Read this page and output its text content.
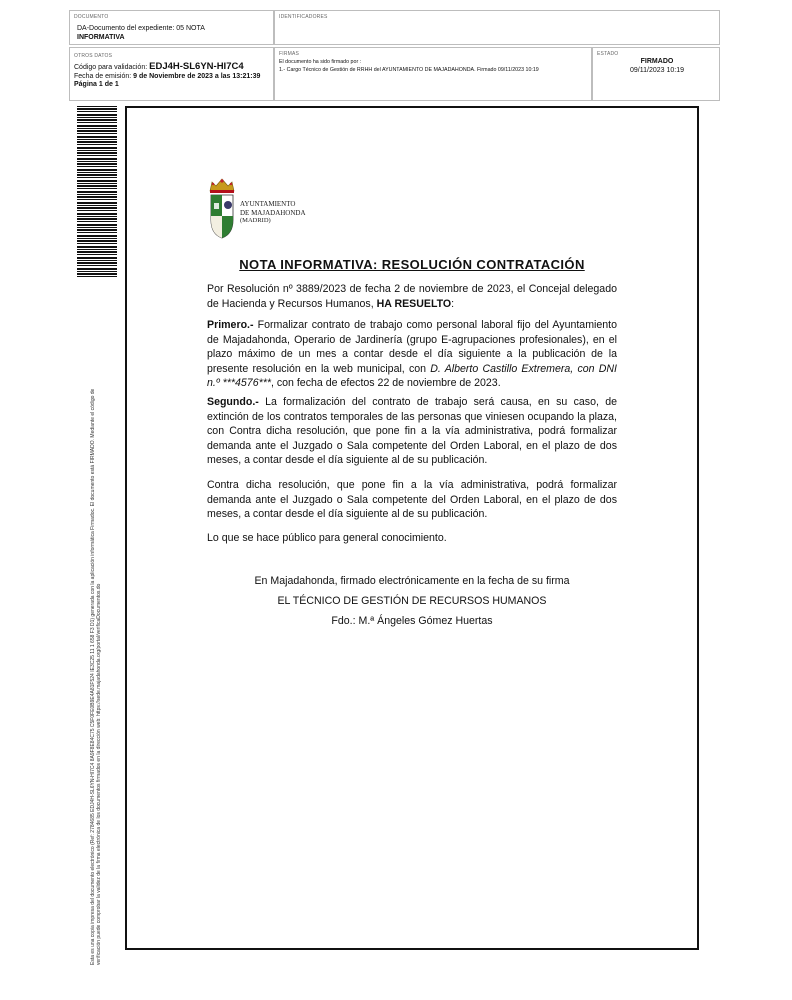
DOCUMENTO
DA-Documento del expediente: 05 NOTA
INFORMATIVA
IDENTIFICADORES
OTROS DATOS
Código para validación: EDJ4H-SL6YN-HI7C4
Fecha de emisión: 9 de Noviembre de 2023 a las 13:21:39
Página 1 de 1
FIRMAS
El documento ha sido firmado por :
1.- Cargo Técnico de Gestión de RRHH del AYUNTAMIENTO DE MAJADAHONDA. Firmado 09/11/2023 10:19
ESTADO
FIRMADO
09/11/2023 10:19
Esta es una copia impresa del documento electrónico (Ref: 2784685 EDJ4H-SL6YN-HI7C4 8A9F8E84C75 C5F0FE0B9E4A81F524 IE3C25 11 1 658 F3 D1) generada con la aplicación informática Firmadoc. El documento está FIRMADO. Mediante el código de verificación puede comprobar la validez de la firma electrónica de los documentos firmados en la dirección web: https://sede.majadahonda.org/portal/verificaDocumentos.do
AYUNTAMIENTO
DE MAJADAHONDA
(MADRID)
NOTA INFORMATIVA: RESOLUCIÓN CONTRATACIÓN
Por Resolución nº 3889/2023 de fecha 2 de noviembre de 2023, el Concejal delegado de Hacienda y Recursos Humanos, HA RESUELTO:
Primero.- Formalizar contrato de trabajo como personal laboral fijo del Ayuntamiento de Majadahonda, Operario de Jardinería (grupo E-agrupaciones profesionales), en el plazo máximo de un mes a contar desde el día siguiente a la publicación de la presente resolución en la web municipal, con D. Alberto Castillo Extremera, con DNI n.º ***4576***, con fecha de efectos 22 de noviembre de 2023.
Segundo.- La formalización del contrato de trabajo será causa, en su caso, de extinción de los contratos temporales de las personas que viniesen ocupando la plaza, con Contra dicha resolución, que pone fin a la vía administrativa, podrá formalizar demanda ante el Juzgado o Sala competente del Orden Laboral, en el plazo de dos meses, a contar desde el día siguiente al de su publicación.
Contra dicha resolución, que pone fin a la vía administrativa, podrá formalizar demanda ante el Juzgado o Sala competente del Orden Laboral, en el plazo de dos meses, a contar desde el día siguiente al de su publicación.
Lo que se hace público para general conocimiento.
En Majadahonda, firmado electrónicamente en la fecha de su firma
EL TÉCNICO DE GESTIÓN DE RECURSOS HUMANOS
Fdo.: M.ª Ángeles Gómez Huertas
